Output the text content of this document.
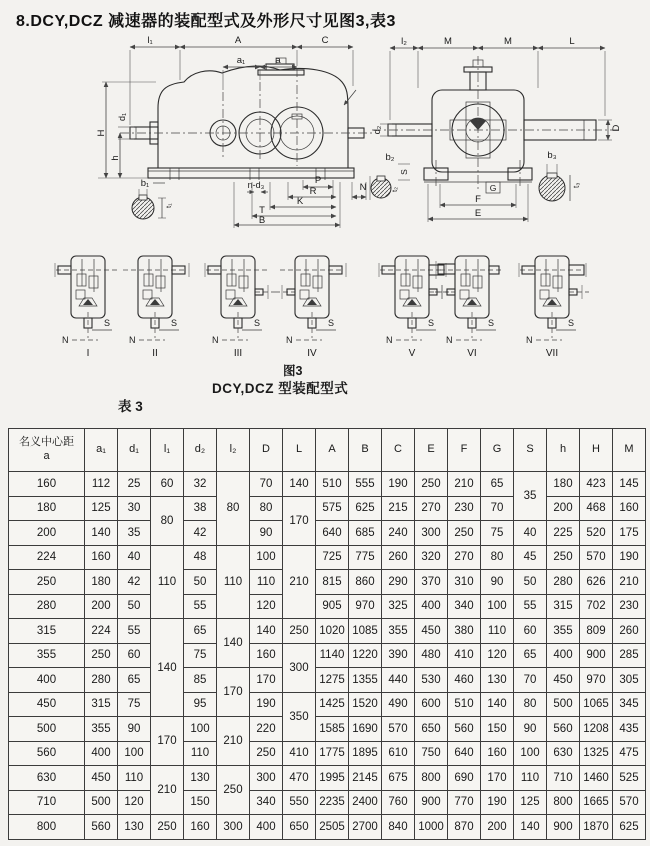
8.DCY,DCZ 减速器的装配型式及外形尺寸见图3,表3
l₁	A	C
a₁	a
H
h
d₁
b₁
t₁
n-d₃	P
R
K
T
B
N
l₂	M	M	L
d₂	D
S
b₂
t₂
b₃
t₃
G
F
E
S
N
I
S
N
II
S
N
III
S
N
IV
S
N
V
S
N
VI
S
N
VII
图3
DCY,DCZ 型装配型式
表 3
名义中心距
a	a₁	d₁	l₁	d₂	l₂	D	L	A	B	C	E	F	G	S	h	H	M
160	112	25	60	32	80	70	140	510	555	190	250	210	65	35	180	423	145
180	125	30	80	38		80	170	575	625	215	270	230	70		200	468	160
200	140	35		42		90		640	685	240	300	250	75	40	225	520	175
224	160	40	110	48	110	100	210	725	775	260	320	270	80	45	250	570	190
250	180	42		50		110		815	860	290	370	310	90	50	280	626	210
280	200	50		55		120		905	970	325	400	340	100	55	315	702	230
315	224	55	140	65	140	140	250	1020	1085	355	450	380	110	60	355	809	260
355	250	60		75		160	300	1140	1220	390	480	410	120	65	400	900	285
400	280	65		85	170	170		1275	1355	440	530	460	130	70	450	970	305
450	315	75		95		190	350	1425	1520	490	600	510	140	80	500	1065	345
500	355	90	170	100	210	220		1585	1690	570	650	560	150	90	560	1208	435
560	400	100		110		250	410	1775	1895	610	750	640	160	100	630	1325	475
630	450	110	210	130	250	300	470	1995	2145	675	800	690	170	110	710	1460	525
710	500	120		150		340	550	2235	2400	760	900	770	190	125	800	1665	570
800	560	130	250	160	300	400	650	2505	2700	840	1000	870	200	140	900	1870	625
